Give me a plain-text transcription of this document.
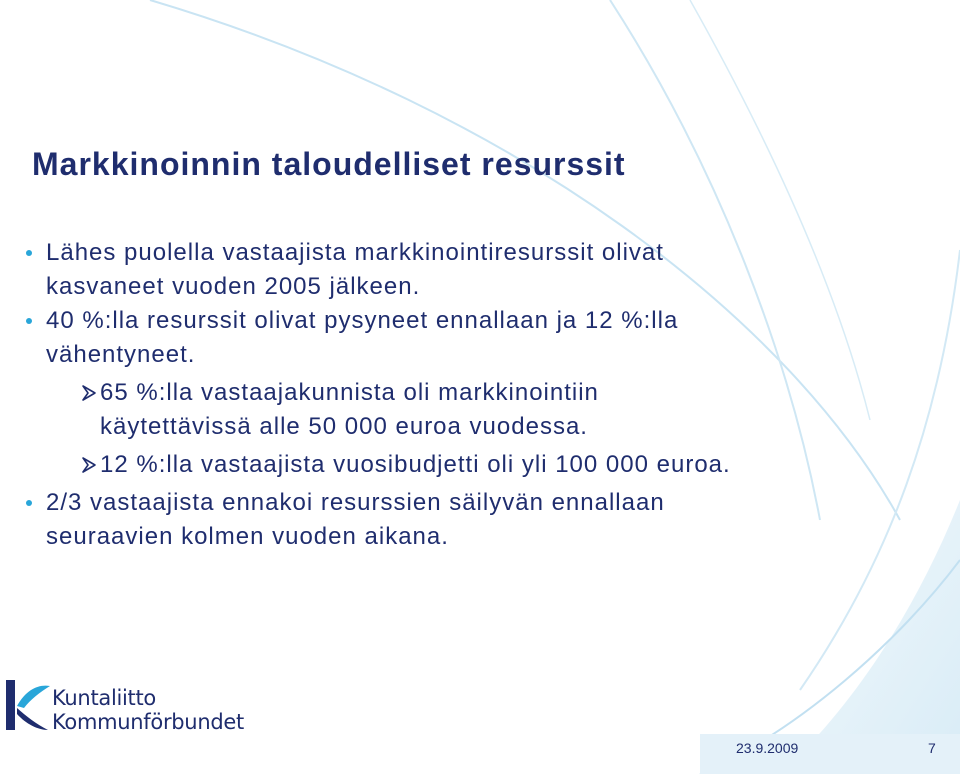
Markkinoinnin taloudelliset resurssit

Lähes puolella vastaajista markkinointiresurssit olivat kasvaneet vuoden 2005 jälkeen.

40 %:lla resurssit olivat pysyneet ennallaan ja 12 %:lla vähentyneet.

65 %:lla vastaajakunnista oli markkinointiin käytettävissä alle 50 000 euroa vuodessa.

12 %:lla vastaajista vuosibudjetti oli yli 100 000 euroa.

2/3 vastaajista ennakoi resurssien säilyvän ennallaan seuraavien kolmen vuoden aikana.

Kuntaliitto
Kommunförbundet
23.9.2009	7
